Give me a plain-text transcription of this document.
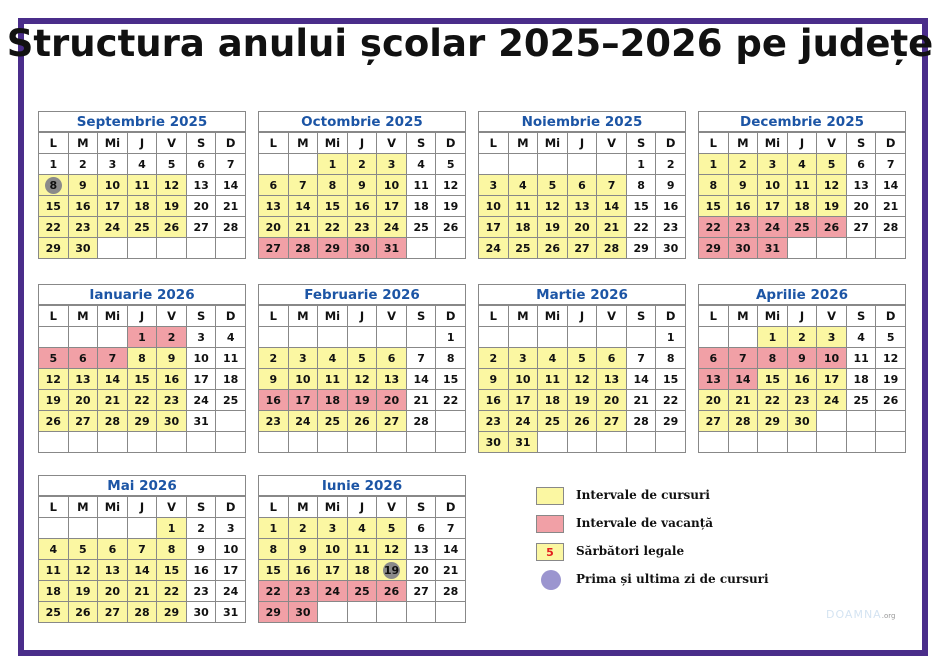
Structura anului școlar 2025–2026 pe județe
Septembrie 2025
L	M	Mi	J	V	S	D
1	2	3	4	5	6	7
8	9	10	11	12	13	14
15	16	17	18	19	20	21
22	23	24	25	26	27	28
29	30					
Octombrie 2025
L	M	Mi	J	V	S	D
		1	2	3	4	5
6	7	8	9	10	11	12
13	14	15	16	17	18	19
20	21	22	23	24	25	26
27	28	29	30	31		
Noiembrie 2025
L	M	Mi	J	V	S	D
					1	2
3	4	5	6	7	8	9
10	11	12	13	14	15	16
17	18	19	20	21	22	23
24	25	26	27	28	29	30
Decembrie 2025
L	M	Mi	J	V	S	D
1	2	3	4	5	6	7
8	9	10	11	12	13	14
15	16	17	18	19	20	21
22	23	24	25	26	27	28
29	30	31				
Ianuarie 2026
L	M	Mi	J	V	S	D
			1	2	3	4
5	6	7	8	9	10	11
12	13	14	15	16	17	18
19	20	21	22	23	24	25
26	27	28	29	30	31	

Februarie 2026
L	M	Mi	J	V	S	D
						1
2	3	4	5	6	7	8
9	10	11	12	13	14	15
16	17	18	19	20	21	22
23	24	25	26	27	28	

Martie 2026
L	M	Mi	J	V	S	D
						1
2	3	4	5	6	7	8
9	10	11	12	13	14	15
16	17	18	19	20	21	22
23	24	25	26	27	28	29
30	31					
Aprilie 2026
L	M	Mi	J	V	S	D
		1	2	3	4	5
6	7	8	9	10	11	12
13	14	15	16	17	18	19
20	21	22	23	24	25	26
27	28	29	30			

Mai 2026
L	M	Mi	J	V	S	D
				1	2	3
4	5	6	7	8	9	10
11	12	13	14	15	16	17
18	19	20	21	22	23	24
25	26	27	28	29	30	31
Iunie 2026
L	M	Mi	J	V	S	D
1	2	3	4	5	6	7
8	9	10	11	12	13	14
15	16	17	18	19	20	21
22	23	24	25	26	27	28
29	30					
Intervale de cursuri
Intervale de vacanță
5	Sărbători legale
Prima și ultima zi de cursuri
DOAMNA.org
